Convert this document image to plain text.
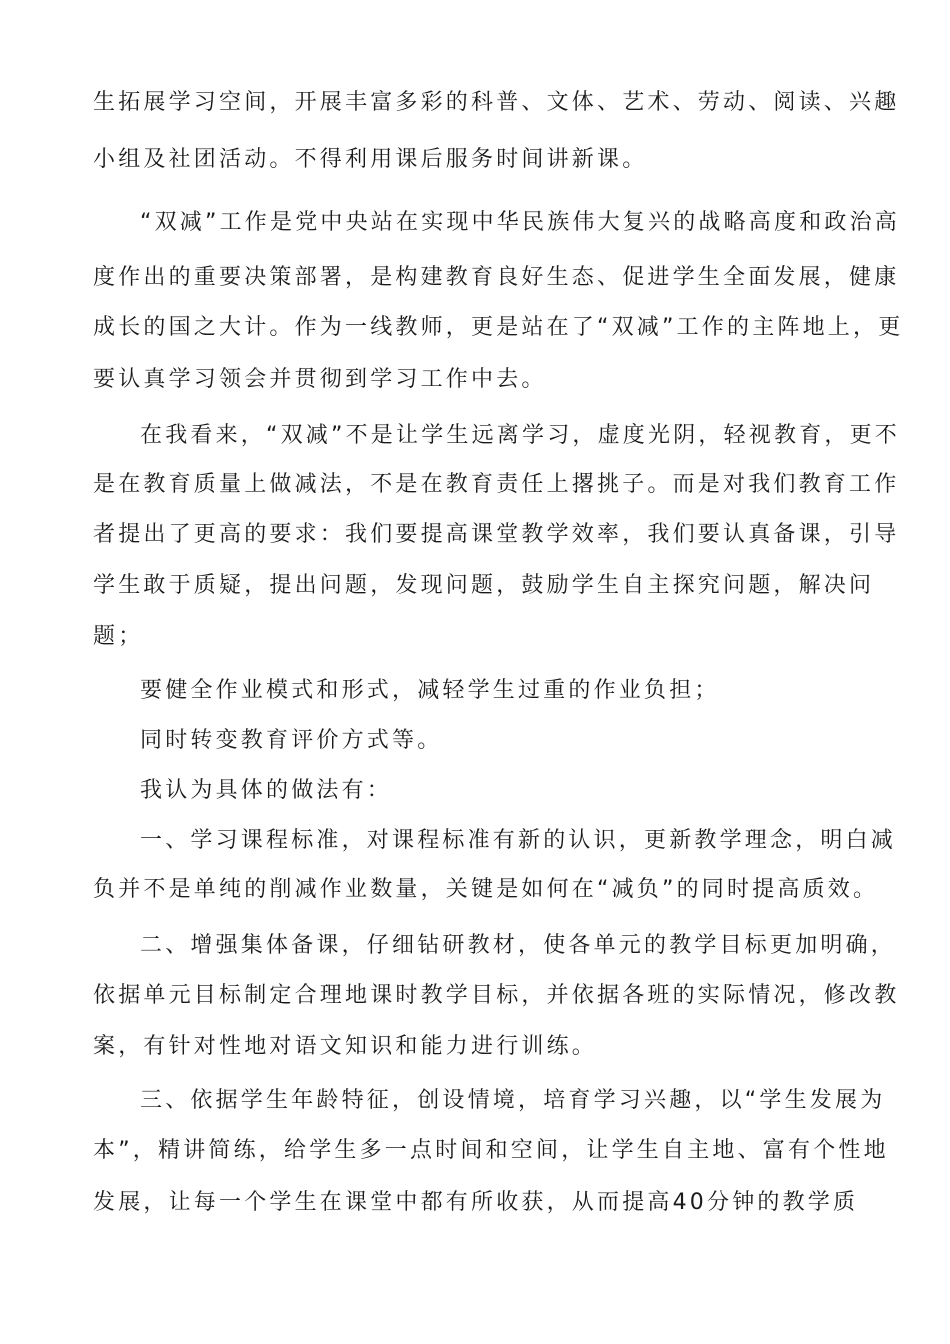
生拓展学习空间，开展丰富多彩的科普、文体、艺术、劳动、阅读、兴趣
小组及社团活动。不得利用课后服务时间讲新课。
“双减”工作是党中央站在实现中华民族伟大复兴的战略高度和政治高
度作出的重要决策部署，是构建教育良好生态、促进学生全面发展，健康
成长的国之大计。作为一线教师，更是站在了“双减”工作的主阵地上，更
要认真学习领会并贯彻到学习工作中去。
在我看来，“双减”不是让学生远离学习，虚度光阴，轻视教育，更不
是在教育质量上做减法，不是在教育责任上撂挑子。而是对我们教育工作
者提出了更高的要求：我们要提高课堂教学效率，我们要认真备课，引导
学生敢于质疑，提出问题，发现问题，鼓励学生自主探究问题，解决问
题；
要健全作业模式和形式，减轻学生过重的作业负担；
同时转变教育评价方式等。
我认为具体的做法有：
一、学习课程标准，对课程标准有新的认识，更新教学理念，明白减
负并不是单纯的削减作业数量，关键是如何在“减负”的同时提高质效。
二、增强集体备课，仔细钻研教材，使各单元的教学目标更加明确，
依据单元目标制定合理地课时教学目标，并依据各班的实际情况，修改教
案，有针对性地对语文知识和能力进行训练。
三、依据学生年龄特征，创设情境，培育学习兴趣，以“学生发展为
本”，精讲简练，给学生多一点时间和空间，让学生自主地、富有个性地
发展，让每一个学生在课堂中都有所收获，从而提高40分钟的教学质
